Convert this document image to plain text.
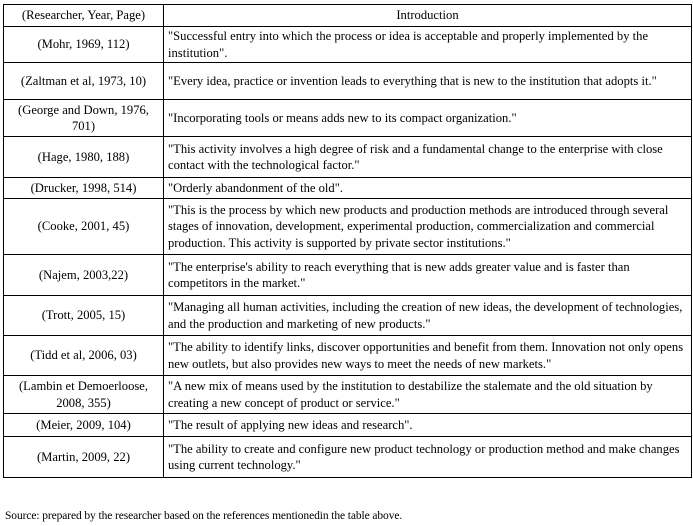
(Researcher, Year, Page)	Introduction
(Mohr, 1969, 112)	"Successful entry into which the process or idea is acceptable and properly implemented by the institution".
(Zaltman et al, 1973, 10)	"Every idea, practice or invention leads to everything that is new to the institution that adopts it."
(George and Down, 1976, 701)	"Incorporating tools or means adds new to its compact organization."
(Hage, 1980, 188)	"This activity involves a high degree of risk and a fundamental change to the enterprise with close contact with the technological factor."
(Drucker, 1998, 514)	"Orderly abandonment of the old".
(Cooke, 2001, 45)	"This is the process by which new products and production methods are introduced through several stages of innovation, development, experimental production, commercialization and commercial production. This activity is supported by private sector institutions."
(Najem, 2003,22)	"The enterprise's ability to reach everything that is new adds greater value and is faster than competitors in the market."
(Trott, 2005, 15)	"Managing all human activities, including the creation of new ideas, the development of technologies, and the production and marketing of new products."
(Tidd et al, 2006, 03)	"The ability to identify links, discover opportunities and benefit from them. Innovation not only opens new outlets, but also provides new ways to meet the needs of new markets."
(Lambin et Demoerloose, 2008, 355)	"A new mix of means used by the institution to destabilize the stalemate and the old situation by creating a new concept of product or service."
(Meier, 2009, 104)	"The result of applying new ideas and research".
(Martin, 2009, 22)	"The ability to create and configure new product technology or production method and make changes using current technology."
Source: prepared by the researcher based on the references mentionedin the table above.
